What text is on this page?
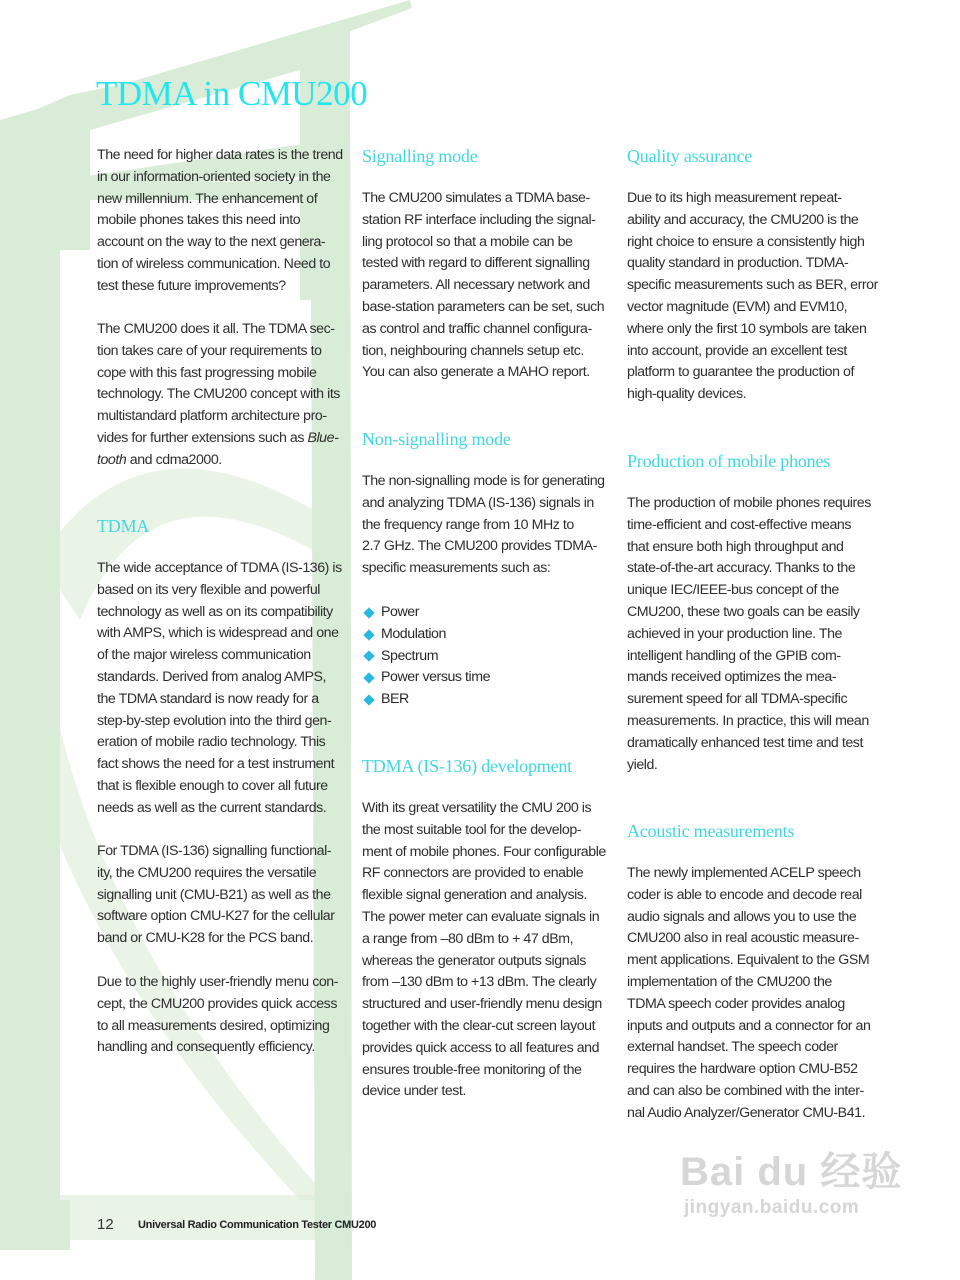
TDMA in CMU200
The need for higher data rates is the trend
in our information-oriented society in the
new millennium. The enhancement of
mobile phones takes this need into
account on the way to the next genera-
tion of wireless communication. Need to
test these future improvements?
The CMU200 does it all. The TDMA sec-
tion takes care of your requirements to
cope with this fast progressing mobile
technology. The CMU200 concept with its
multistandard platform architecture pro-
vides for further extensions such as Blue-
tooth and cdma2000.
TDMA
The wide acceptance of TDMA (IS-136) is
based on its very flexible and powerful
technology as well as on its compatibility
with AMPS, which is widespread and one
of the major wireless communication
standards. Derived from analog AMPS,
the TDMA standard is now ready for a
step-by-step evolution into the third gen-
eration of mobile radio technology. This
fact shows the need for a test instrument
that is flexible enough to cover all future
needs as well as the current standards.
For TDMA (IS-136) signalling functional-
ity, the CMU200 requires the versatile
signalling unit (CMU-B21) as well as the
software option CMU-K27 for the cellular
band or CMU-K28 for the PCS band.
Due to the highly user-friendly menu con-
cept, the CMU200 provides quick access
to all measurements desired, optimizing
handling and consequently efficiency.
Signalling mode
The CMU200 simulates a TDMA base-
station RF interface including the signal-
ling protocol so that a mobile can be
tested with regard to different signalling
parameters. All necessary network and
base-station parameters can be set, such
as control and traffic channel configura-
tion, neighbouring channels setup etc.
You can also generate a MAHO report.
Non-signalling mode
The non-signalling mode is for generating
and analyzing TDMA (IS-136) signals in
the frequency range from 10 MHz to
2.7 GHz. The CMU200 provides TDMA-
specific measurements such as:
Power
Modulation
Spectrum
Power versus time
BER
TDMA (IS-136) development
With its great versatility the CMU 200 is
the most suitable tool for the develop-
ment of mobile phones. Four configurable
RF connectors are provided to enable
flexible signal generation and analysis.
The power meter can evaluate signals in
a range from –80 dBm to + 47 dBm,
whereas the generator outputs signals
from –130 dBm to +13 dBm. The clearly
structured and user-friendly menu design
together with the clear-cut screen layout
provides quick access to all features and
ensures trouble-free monitoring of the
device under test.
Quality assurance
Due to its high measurement repeat-
ability and accuracy, the CMU200 is the
right choice to ensure a consistently high
quality standard in production. TDMA-
specific measurements such as BER, error
vector magnitude (EVM) and EVM10,
where only the first 10 symbols are taken
into account, provide an excellent test
platform to guarantee the production of
high-quality devices.
Production of mobile phones
The production of mobile phones requires
time-efficient and cost-effective means
that ensure both high throughput and
state-of-the-art accuracy. Thanks to the
unique IEC/IEEE-bus concept of the
CMU200, these two goals can be easily
achieved in your production line. The
intelligent handling of the GPIB com-
mands received optimizes the mea-
surement speed for all TDMA-specific
measurements. In practice, this will mean
dramatically enhanced test time and test
yield.
Acoustic measurements
The newly implemented ACELP speech
coder is able to encode and decode real
audio signals and allows you to use the
CMU200 also in real acoustic measure-
ment applications. Equivalent to the GSM
implementation of the CMU200 the
TDMA speech coder provides analog
inputs and outputs and a connector for an
external handset. The speech coder
requires the hardware option CMU-B52
and can also be combined with the inter-
nal Audio Analyzer/Generator CMU-B41.
12 Universal Radio Communication Tester CMU200
Bai du 经验
jingyan.baidu.com
